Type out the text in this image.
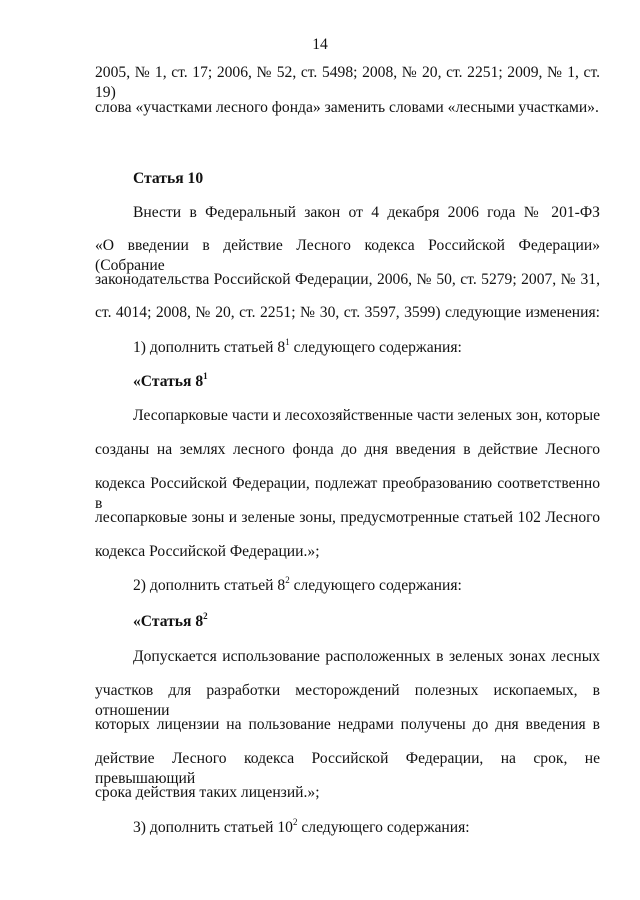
14
2005, № 1, ст. 17; 2006, № 52, ст. 5498; 2008, № 20, ст. 2251; 2009, № 1, ст. 19)
слова «участками лесного фонда» заменить словами «лесными участками».
Статья 10
Внести в Федеральный закон от 4 декабря 2006 года № 201-ФЗ
«О введении в действие Лесного кодекса Российской Федерации» (Собрание
законодательства Российской Федерации, 2006, № 50, ст. 5279; 2007, № 31,
ст. 4014; 2008, № 20, ст. 2251; № 30, ст. 3597, 3599) следующие изменения:
1) дополнить статьей $8^1$ следующего содержания:
«Статья $8^1$
Лесопарковые части и лесохозяйственные части зеленых зон, которые
созданы на землях лесного фонда до дня введения в действие Лесного
кодекса Российской Федерации, подлежат преобразованию соответственно в
лесопарковые зоны и зеленые зоны, предусмотренные статьей 102 Лесного
кодекса Российской Федерации.»;
2) дополнить статьей $8^2$ следующего содержания:
«Статья $8^2$
Допускается использование расположенных в зеленых зонах лесных
участков для разработки месторождений полезных ископаемых, в отношении
которых лицензии на пользование недрами получены до дня введения в
действие Лесного кодекса Российской Федерации, на срок, не превышающий
срока действия таких лицензий.»;
3) дополнить статьей $10^2$ следующего содержания:
